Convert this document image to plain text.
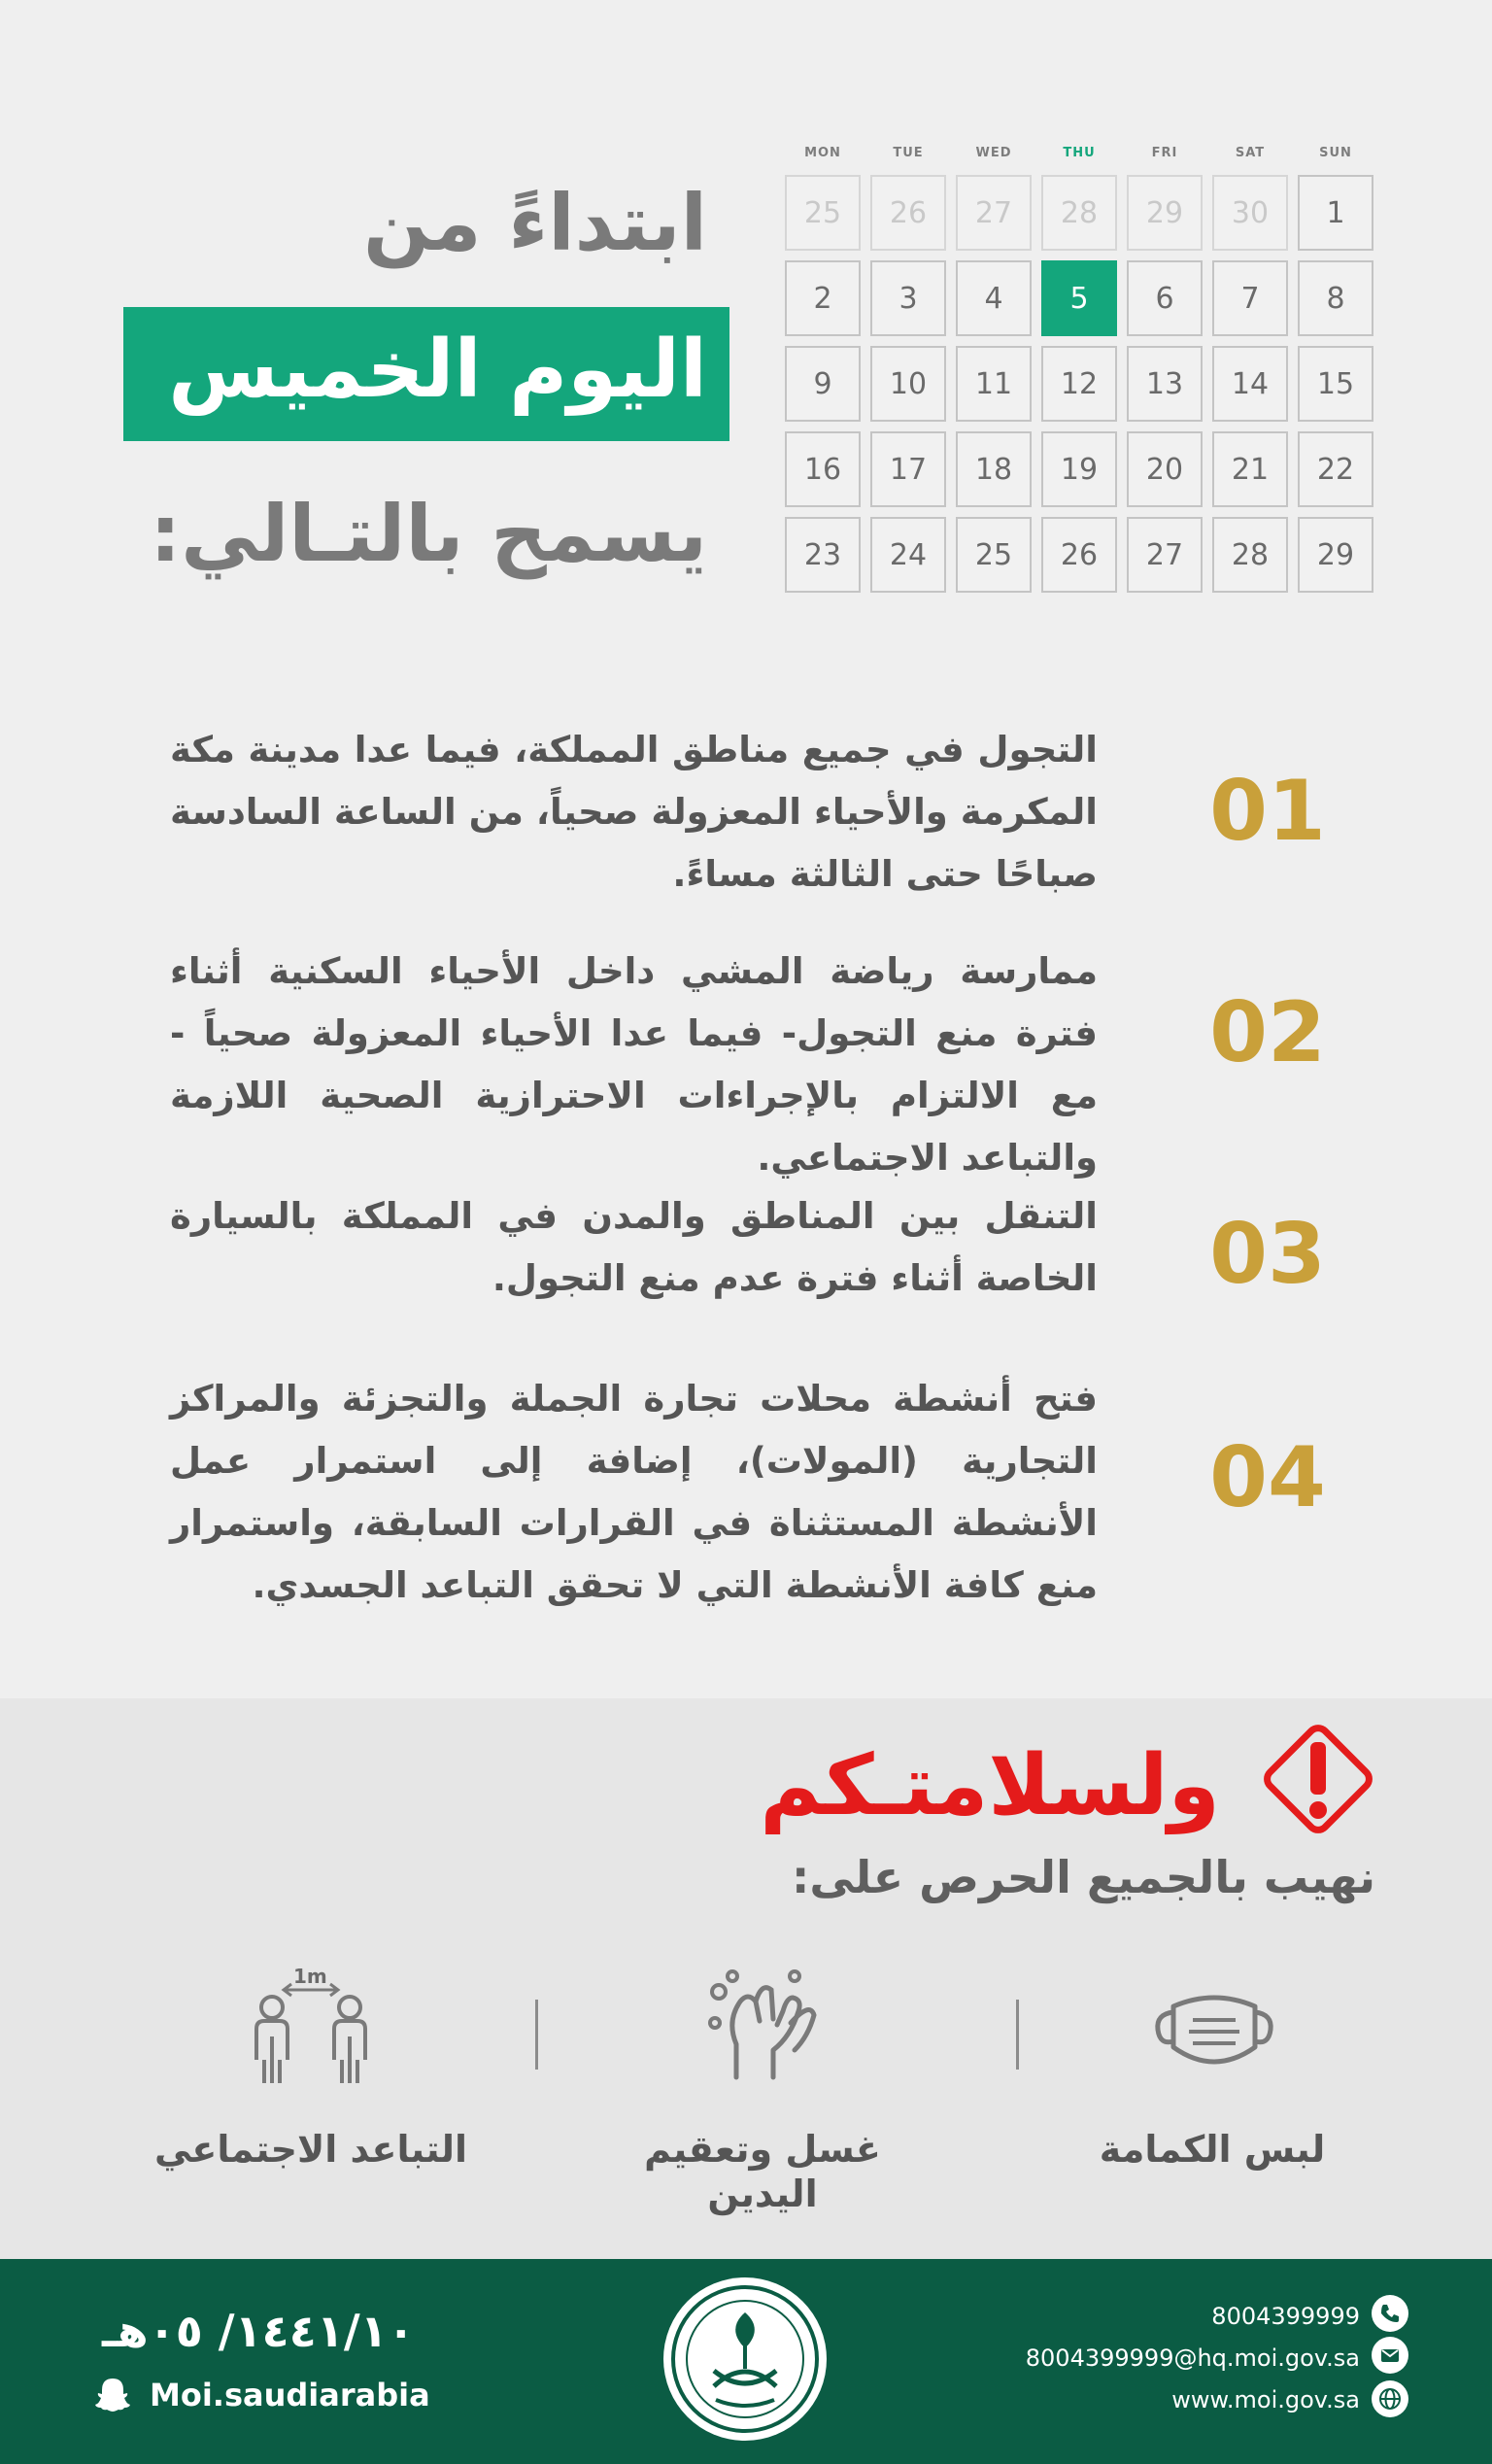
ابتداءً من
اليوم الخميس
يسمح بالتـالي:
MON	TUE	WED	THU	FRI	SAT	SUN
25	26	27	28	29	30	1
2	3	4	5	6	7	8
9	10	11	12	13	14	15
16	17	18	19	20	21	22
23	24	25	26	27	28	29
01
التجول في جميع مناطق المملكة، فيما عدا مدينة مكة المكرمة والأحياء المعزولة صحياً، من الساعة السادسة صباحًا حتى الثالثة مساءً.
02
ممارسة رياضة المشي داخل الأحياء السكنية أثناء فترة منع التجول- فيما عدا الأحياء المعزولة صحياً - مع الالتزام بالإجراءات الاحترازية الصحية اللازمة والتباعد الاجتماعي.
03
التنقل بين المناطق والمدن في المملكة بالسيارة الخاصة أثناء فترة عدم منع التجول.
04
فتح أنشطة محلات تجارة الجملة والتجزئة والمراكز التجارية (المولات)، إضافة إلى استمرار عمل الأنشطة المستثناة في القرارات السابقة، واستمرار منع كافة الأنشطة التي لا تحقق التباعد الجسدي.
ولسلامتـكم
نهيب بالجميع الحرص على:
لبس الكمامة
غسل وتعقيم اليدين
1m
التباعد الاجتماعي
١٤٤١/١٠/ ٠٥هـ
Moi.saudiarabia
8004399999
8004399999@hq.moi.gov.sa
www.moi.gov.sa
